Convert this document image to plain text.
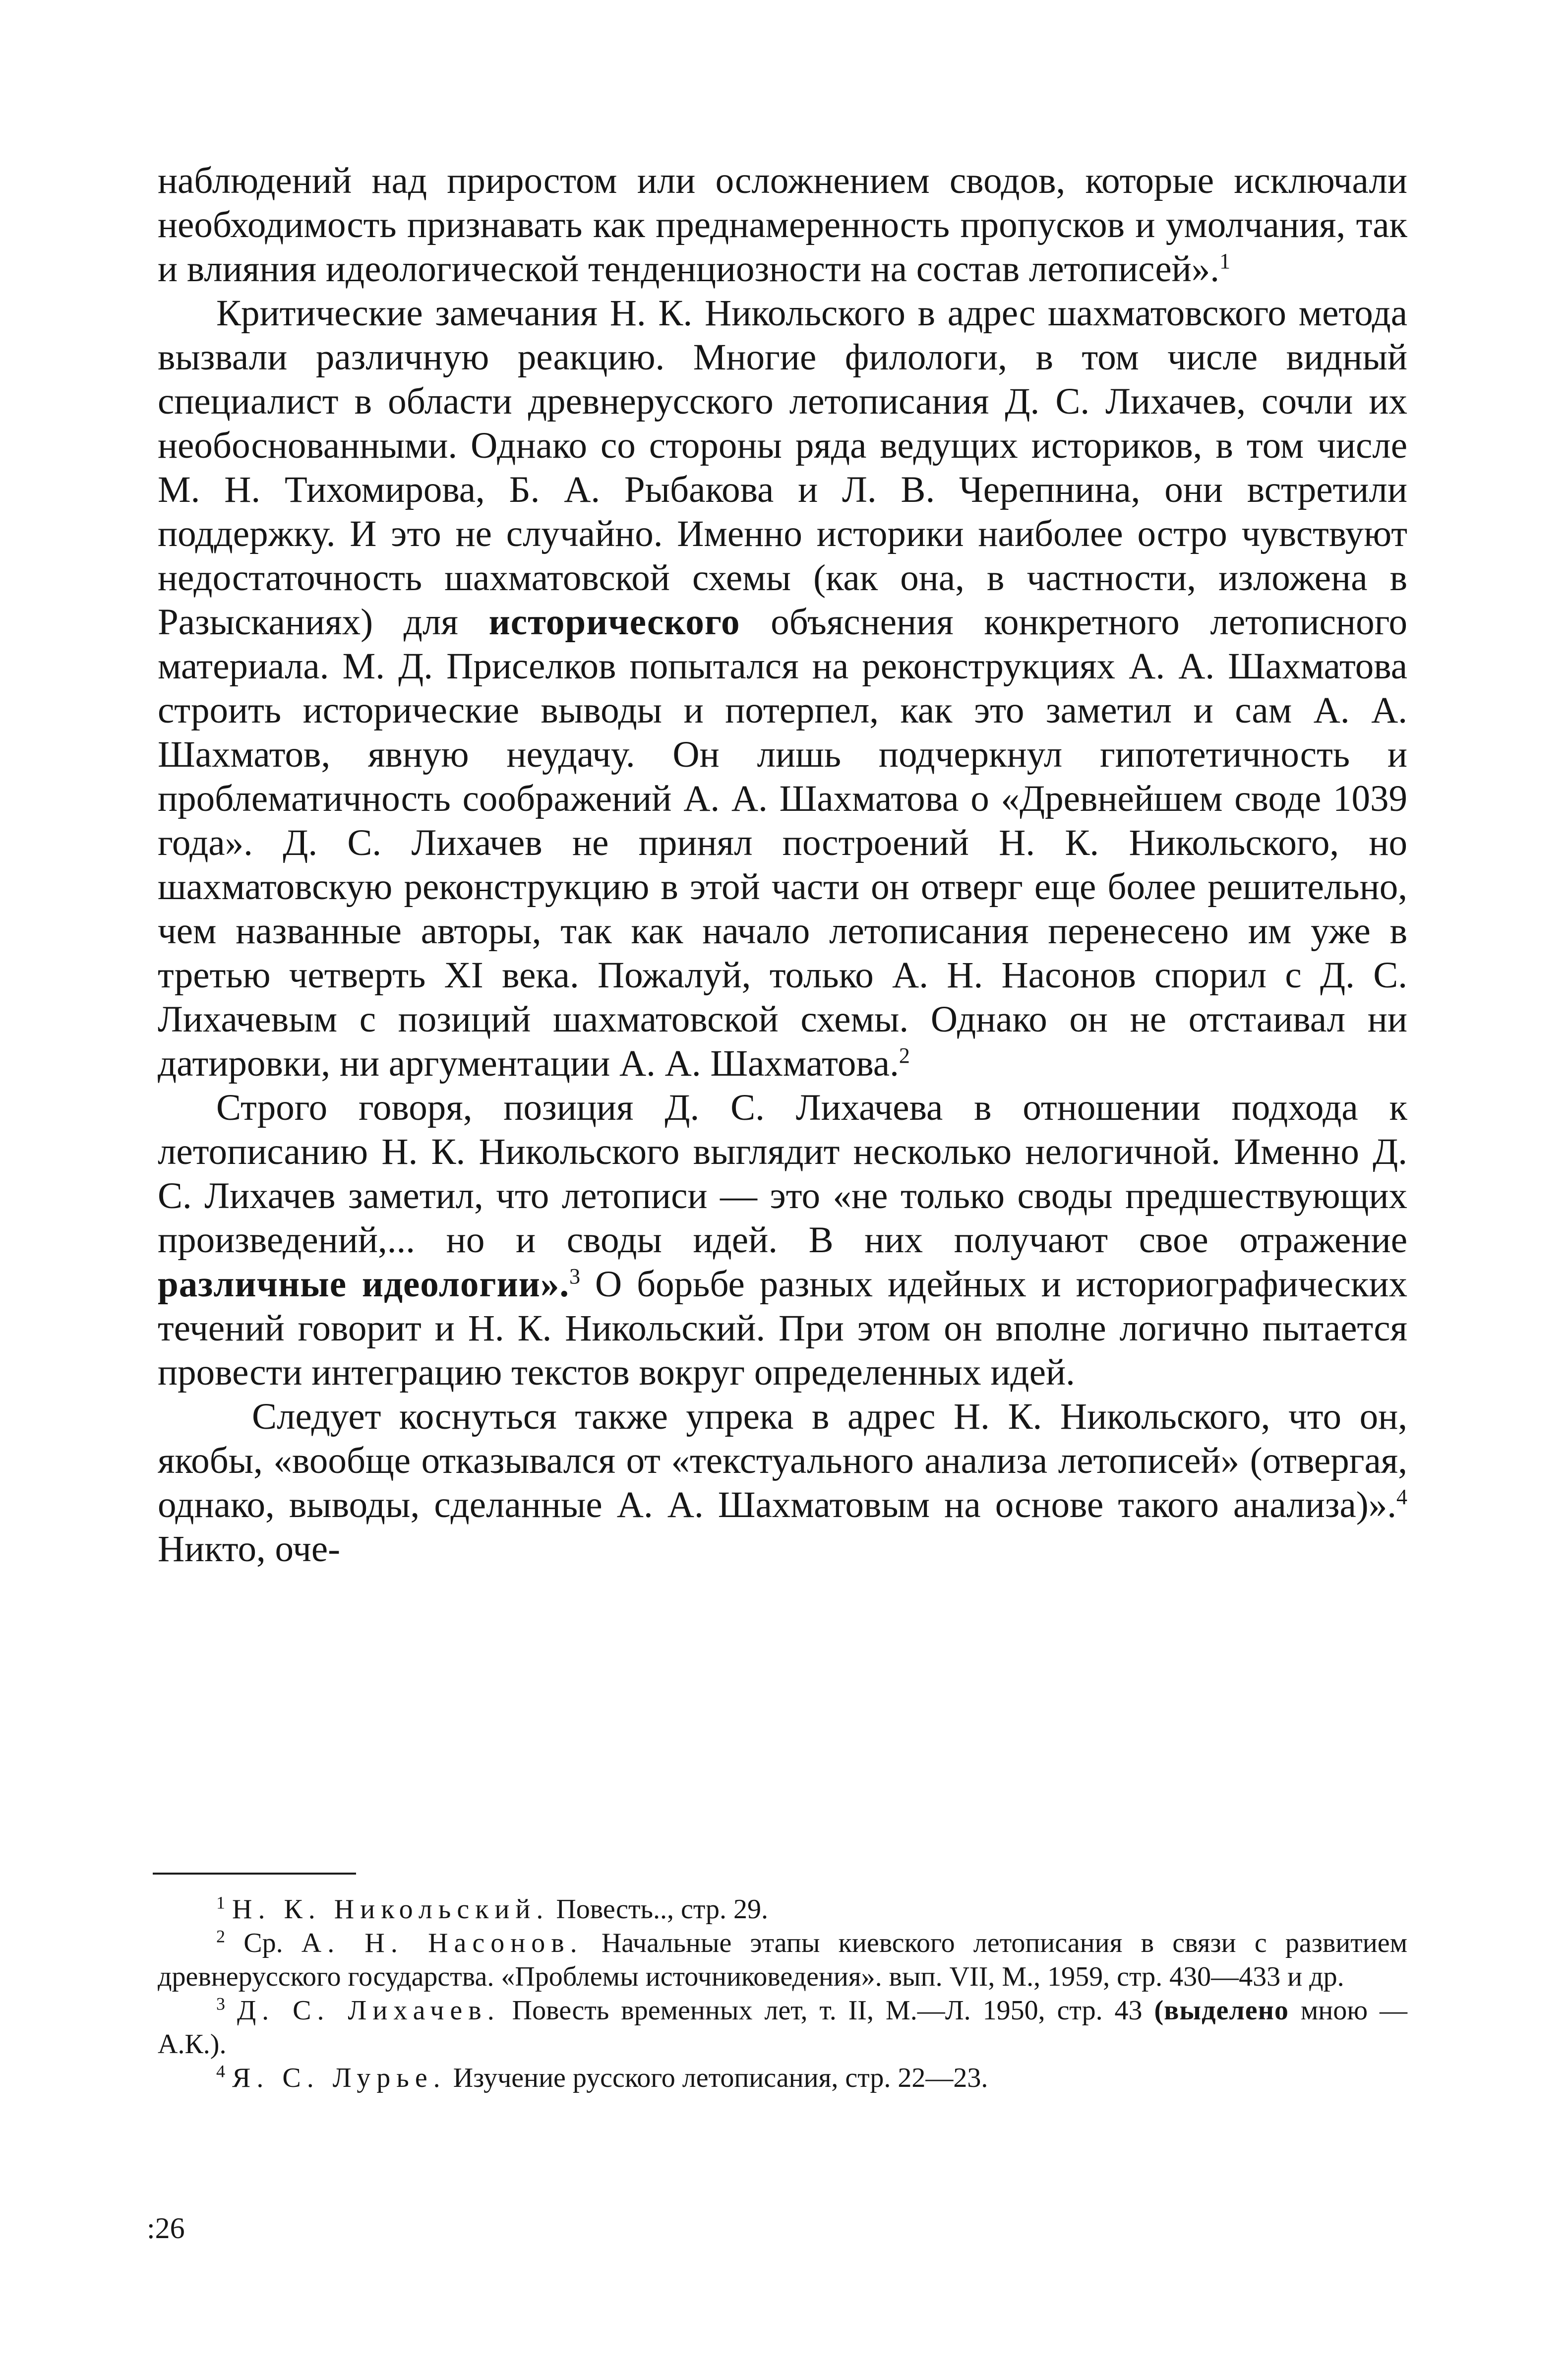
наблюдений над приростом или осложнением сводов, которые исключали необходимость признавать как преднамеренность пропусков и умолчания, так и влияния идеологической тенденциозности на состав летописей».$^1$

Критические замечания Н. К. Никольского в адрес шахматовского метода вызвали различную реакцию. Многие филологи, в том числе видный специалист в области древнерусского летописания Д. С. Лихачев, сочли их необоснованными. Однако со стороны ряда ведущих историков, в том числе М. Н. Тихомирова, Б. А. Рыбакова и Л. В. Черепнина, они встретили поддержку. И это не случайно. Именно историки наиболее остро чувствуют недостаточность шахматовской схемы (как она, в частности, изложена в Разысканиях) для исторического объяснения конкретного летописного материала. М. Д. Приселков попытался на реконструкциях А. А. Шахматова строить исторические выводы и потерпел, как это заметил и сам А. А. Шахматов, явную неудачу. Он лишь подчеркнул гипотетичность и проблематичность соображений А. А. Шахматова о «Древнейшем своде 1039 года». Д. С. Лихачев не принял построений Н. К. Никольского, но шахматовскую реконструкцию в этой части он отверг еще более решительно, чем названные авторы, так как начало летописания перенесено им уже в третью четверть XI века. Пожалуй, только А. Н. Насонов спорил с Д. С. Лихачевым с позиций шахматовской схемы. Однако он не отстаивал ни датировки, ни аргументации А. А. Шахматова.$^2$

Строго говоря, позиция Д. С. Лихачева в отношении подхода к летописанию Н. К. Никольского выглядит несколько нелогичной. Именно Д. С. Лихачев заметил, что летописи — это «не только своды предшествующих произведений,... но и своды идей. В них получают свое отражение различные идеологии».$^3$ О борьбе разных идейных и историографических течений говорит и Н. К. Никольский. При этом он вполне логично пытается провести интеграцию текстов вокруг определенных идей.

Следует коснуться также упрека в адрес Н. К. Никольского, что он, якобы, «вообще отказывался от «текстуального анализа летописей» (отвергая, однако, выводы, сделанные А. А. Шахматовым на основе такого анализа)».$^4$ Никто, оче-

$^1$ Н. К. Никольский. Повесть.., стр. 29.

$^2$ Ср. А. Н. Насонов. Начальные этапы киевского летописания в связи с развитием древнерусского государства. «Проблемы источниковедения». вып. VII, М., 1959, стр. 430—433 и др.

$^3$ Д. С. Лихачев. Повесть временных лет, т. II, М.—Л. 1950, стр. 43 (выделено мною — А.К.).

$^4$ Я. С. Лурье. Изучение русского летописания, стр. 22—23.

:26
